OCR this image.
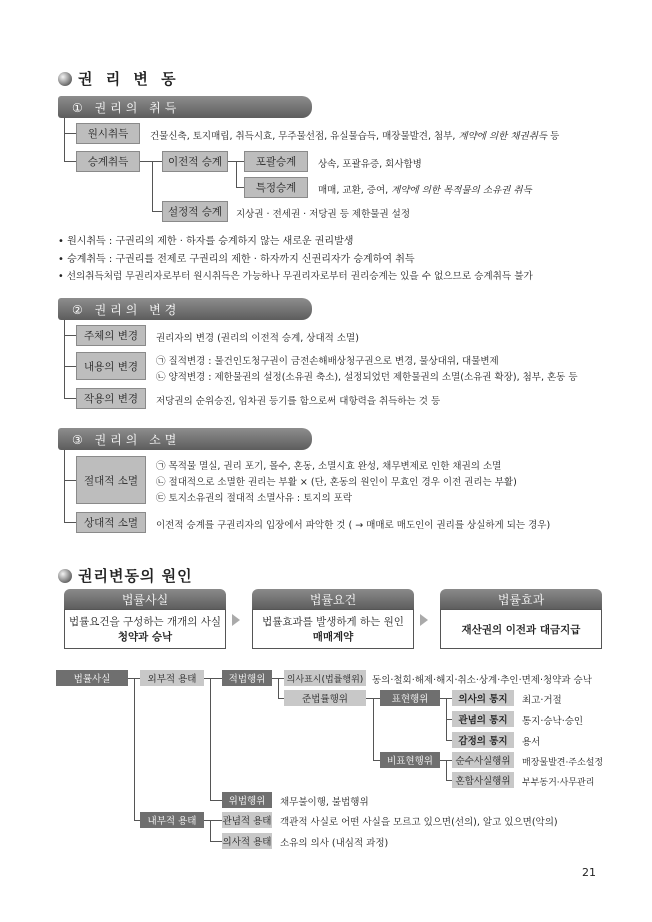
권 리 변 동
① 권리의 취득
원시취득 건물신축, 토지매립, 취득시효, 무주물선점, 유실물습득, 매장물발견, 첨부, 계약에 의한 채권취득 등
승계취득	이전적 승계	포괄승계 상속, 포괄유증, 회사합병
특정승계 매매, 교환, 증여, 계약에 의한 목적물의 소유권 취득
설정적 승계 지상권 · 전세권 · 저당권 등 제한물권 설정
• 원시취득 : 구권리의 제한 · 하자를 승계하지 않는 새로운 권리발생
• 승계취득 : 구권리를 전제로 구권리의 제한 · 하자까지 신권리자가 승계하여 취득
• 선의취득처럼 무권리자로부터 원시취득은 가능하나 무권리자로부터 권리승계는 있을 수 없으므로 승계취득 불가
② 권리의 변경
주체의 변경 권리자의 변경 (권리의 이전적 승계, 상대적 소멸)
내용의 변경 ㉠ 질적변경 : 물건인도청구권이 금전손해배상청구권으로 변경, 물상대위, 대물변제
㉡ 양적변경 : 제한물권의 설정(소유권 축소), 설정되었던 제한물권의 소멸(소유권 확장), 첨부, 혼동 등
작용의 변경 저당권의 순위승진, 임차권 등기를 함으로써 대항력을 취득하는 것 등
③ 권리의 소멸
절대적 소멸
㉠ 목적물 멸실, 권리 포기, 몰수, 혼동, 소멸시효 완성, 채무변제로 인한 채권의 소멸
㉡ 절대적으로 소멸한 권리는 부활 × (단, 혼동의 원인이 무효인 경우 이전 권리는 부활)
㉢ 토지소유권의 절대적 소멸사유 : 토지의 포락
상대적 소멸 이전적 승계를 구권리자의 입장에서 파악한 것 ( → 매매로 매도인이 권리를 상실하게 되는 경우)
권리변동의 원인
법률사실
법률요건을 구성하는 개개의 사실
청약과 승낙
법률요건
법률효과를 발생하게 하는 원인
매매계약
법률효과
재산권의 이전과 대금지급
법률사실	외부적 용태	적법행위 의사표시(법률행위) 동의·철회·해제·해지·취소·상계·추인·면제·청약과 승낙
준법률행위	표현행위	의사의 통지 최고·거절
관념의 통지 통지·승낙·승인
감정의 통지 용서
비표현행위 순수사실행위 매장물발견·주소설정
혼합사실행위 부부동거·사무관리
위법행위 채무불이행, 불법행위
내부적 용태	관념적 용태 객관적 사실로 어떤 사실을 모르고 있으면(선의), 알고 있으면(악의)
의사적 용태 소유의 의사 (내심적 과정)
21
